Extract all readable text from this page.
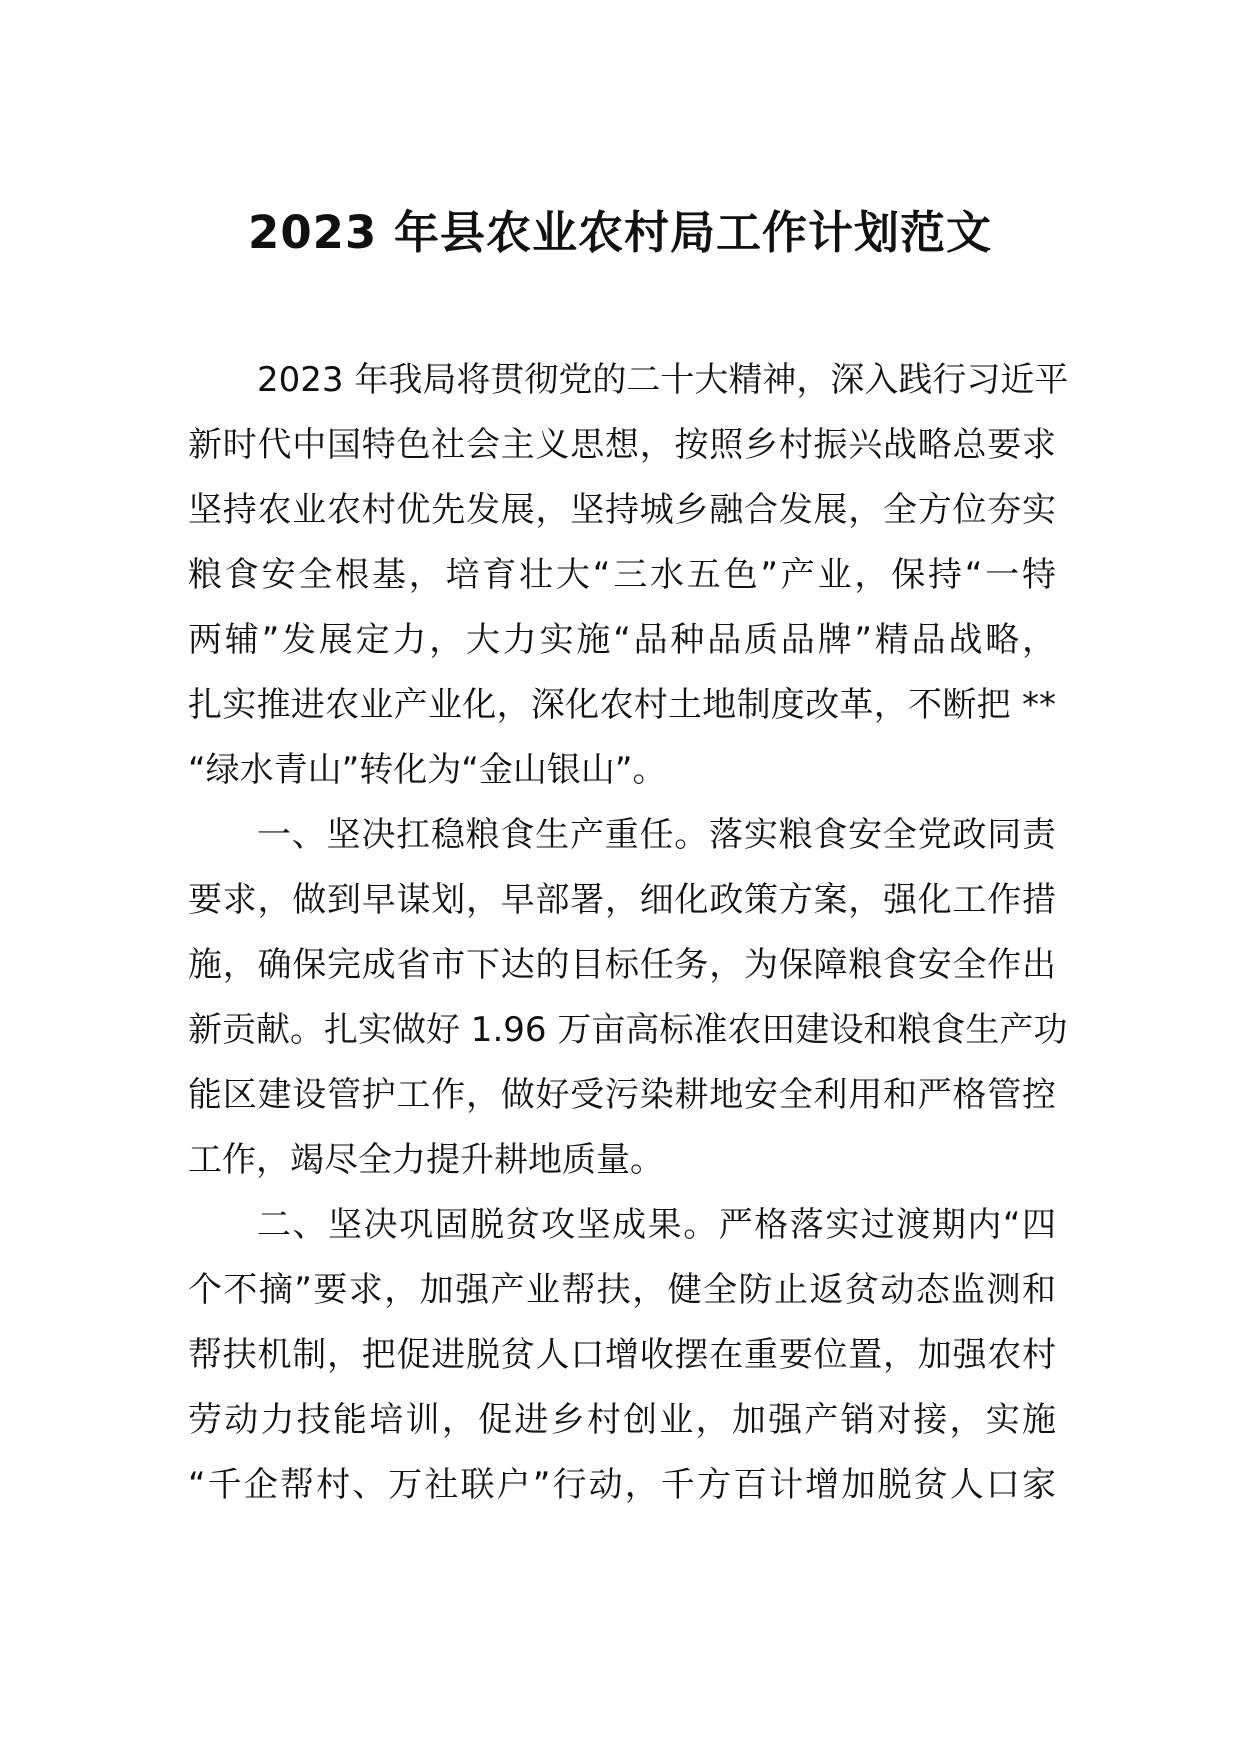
2023 年县农业农村局工作计划范文
2023 年我局将贯彻党的二十大精神，深入践行习近平
新时代中国特色社会主义思想，按照乡村振兴战略总要求
坚持农业农村优先发展，坚持城乡融合发展，全方位夯实
粮食安全根基，培育壮大“三水五色”产业，保持“一特
两辅”发展定力，大力实施“品种品质品牌”精品战略，
扎实推进农业产业化，深化农村土地制度改革，不断把 **
“绿水青山”转化为“金山银山”。
一、坚决扛稳粮食生产重任。落实粮食安全党政同责
要求，做到早谋划，早部署，细化政策方案，强化工作措
施，确保完成省市下达的目标任务，为保障粮食安全作出
新贡献。扎实做好 1.96 万亩高标准农田建设和粮食生产功
能区建设管护工作，做好受污染耕地安全利用和严格管控
工作，竭尽全力提升耕地质量。
二、坚决巩固脱贫攻坚成果。严格落实过渡期内“四
个不摘”要求，加强产业帮扶，健全防止返贫动态监测和
帮扶机制，把促进脱贫人口增收摆在重要位置，加强农村
劳动力技能培训，促进乡村创业，加强产销对接，实施
“千企帮村、万社联户”行动，千方百计增加脱贫人口家
